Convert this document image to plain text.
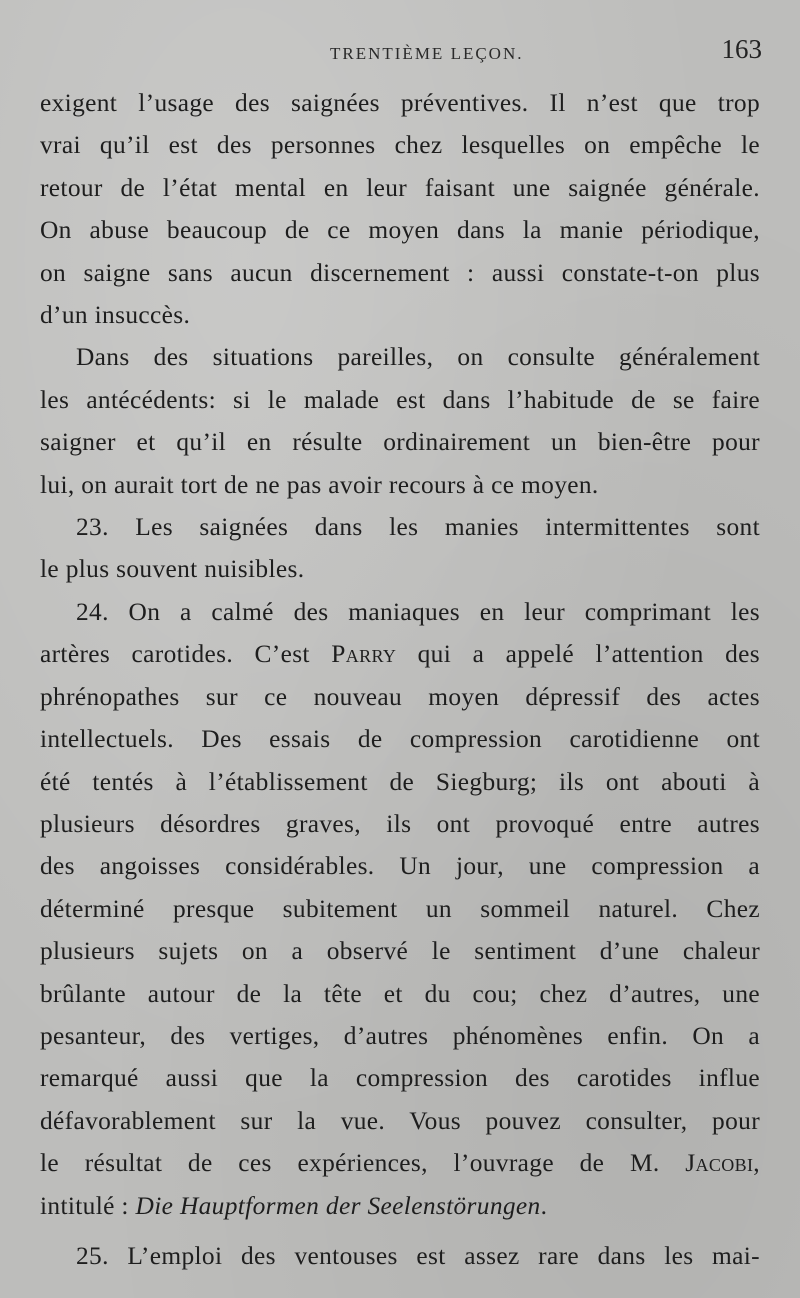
TRENTIÈME LEÇON.	163
exigent l’usage des saignées préventives. Il n’est que trop
vrai qu’il est des personnes chez lesquelles on empêche le
retour de l’état mental en leur faisant une saignée générale.
On abuse beaucoup de ce moyen dans la manie périodique,
on saigne sans aucun discernement : aussi constate-t-on plus
d’un insuccès.
Dans des situations pareilles, on consulte généralement
les antécédents: si le malade est dans l’habitude de se faire
saigner et qu’il en résulte ordinairement un bien-être pour
lui, on aurait tort de ne pas avoir recours à ce moyen.
23. Les saignées dans les manies intermittentes sont
le plus souvent nuisibles.
24. On a calmé des maniaques en leur comprimant les
artères carotides. C’est Parry qui a appelé l’attention des
phrénopathes sur ce nouveau moyen dépressif des actes
intellectuels. Des essais de compression carotidienne ont
été tentés à l’établissement de Siegburg; ils ont abouti à
plusieurs désordres graves, ils ont provoqué entre autres
des angoisses considérables. Un jour, une compression a
déterminé presque subitement un sommeil naturel. Chez
plusieurs sujets on a observé le sentiment d’une chaleur
brûlante autour de la tête et du cou; chez d’autres, une
pesanteur, des vertiges, d’autres phénomènes enfin. On a
remarqué aussi que la compression des carotides influe
défavorablement sur la vue. Vous pouvez consulter, pour
le résultat de ces expériences, l’ouvrage de M. Jacobi,
intitulé : Die Hauptformen der Seelenstörungen.
25. L’emploi des ventouses est assez rare dans les mai-
